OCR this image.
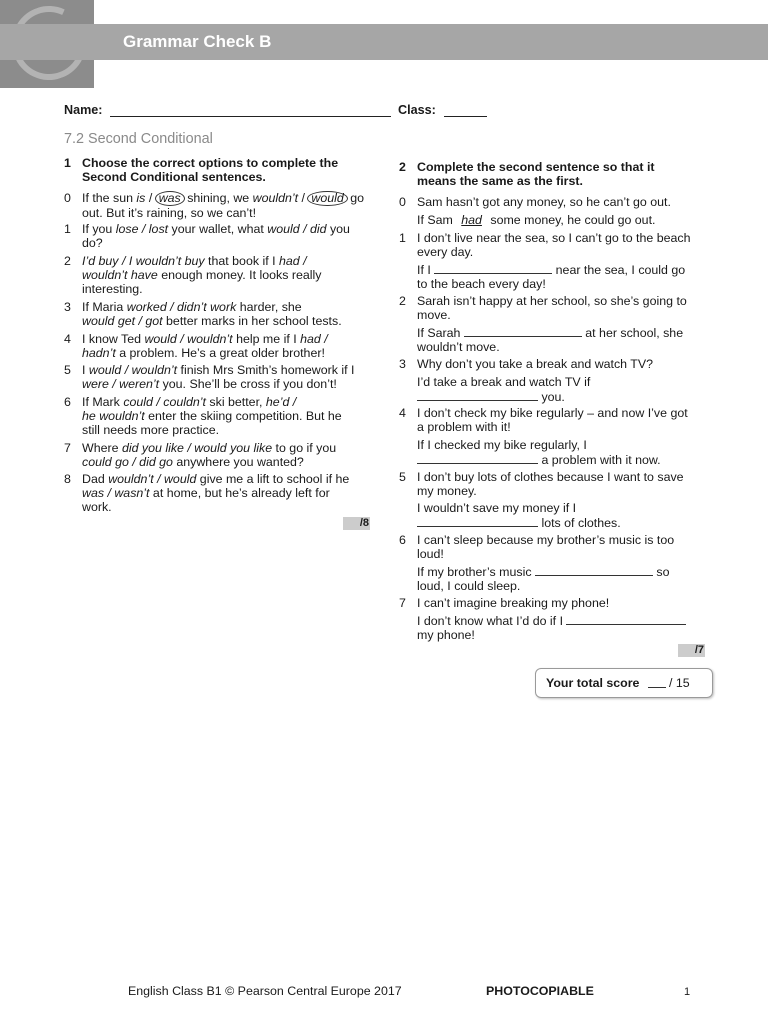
Grammar Check B
Name:	Class:
7.2 Second Conditional
1 Choose the correct options to complete the
Second Conditional sentences.
0 If the sun is / was shining, we wouldn’t / would go
out. But it’s raining, so we can’t!
1 If you lose / lost your wallet, what would / did you
do?
2 I’d buy / I wouldn’t buy that book if I had /
wouldn’t have enough money. It looks really
interesting.
3 If Maria worked / didn’t work harder, she
would get / got better marks in her school tests.
4 I know Ted would / wouldn’t help me if I had /
hadn’t a problem. He’s a great older brother!
5 I would / wouldn’t finish Mrs Smith’s homework if I
were / weren’t you. She’ll be cross if you don’t!
6 If Mark could / couldn’t ski better, he’d /
he wouldn’t enter the skiing competition. But he
still needs more practice.
7 Where did you like / would you like to go if you
could go / did go anywhere you wanted?
8 Dad wouldn’t / would give me a lift to school if he
was / wasn’t at home, but he’s already left for
work.
/8
2 Complete the second sentence so that it
means the same as the first.
0 Sam hasn’t got any money, so he can’t go out.
If Sam had some money, he could go out.
1 I don’t live near the sea, so I can’t go to the beach
every day.
If I	near the sea, I could go
to the beach every day!
2 Sarah isn’t happy at her school, so she’s going to
move.
If Sarah	at her school, she
wouldn’t move.
3 Why don’t you take a break and watch TV?
I’d take a break and watch TV if
you.
4 I don’t check my bike regularly – and now I’ve got
a problem with it!
If I checked my bike regularly, I
a problem with it now.
5 I don’t buy lots of clothes because I want to save
my money.
I wouldn’t save my money if I
lots of clothes.
6 I can’t sleep because my brother’s music is too
loud!
If my brother’s music	so
loud, I could sleep.
7 I can’t imagine breaking my phone!
I don’t know what I’d do if I
my phone!
/7
Your total score / 15
English Class B1 © Pearson Central Europe 2017	PHOTOCOPIABLE	1
